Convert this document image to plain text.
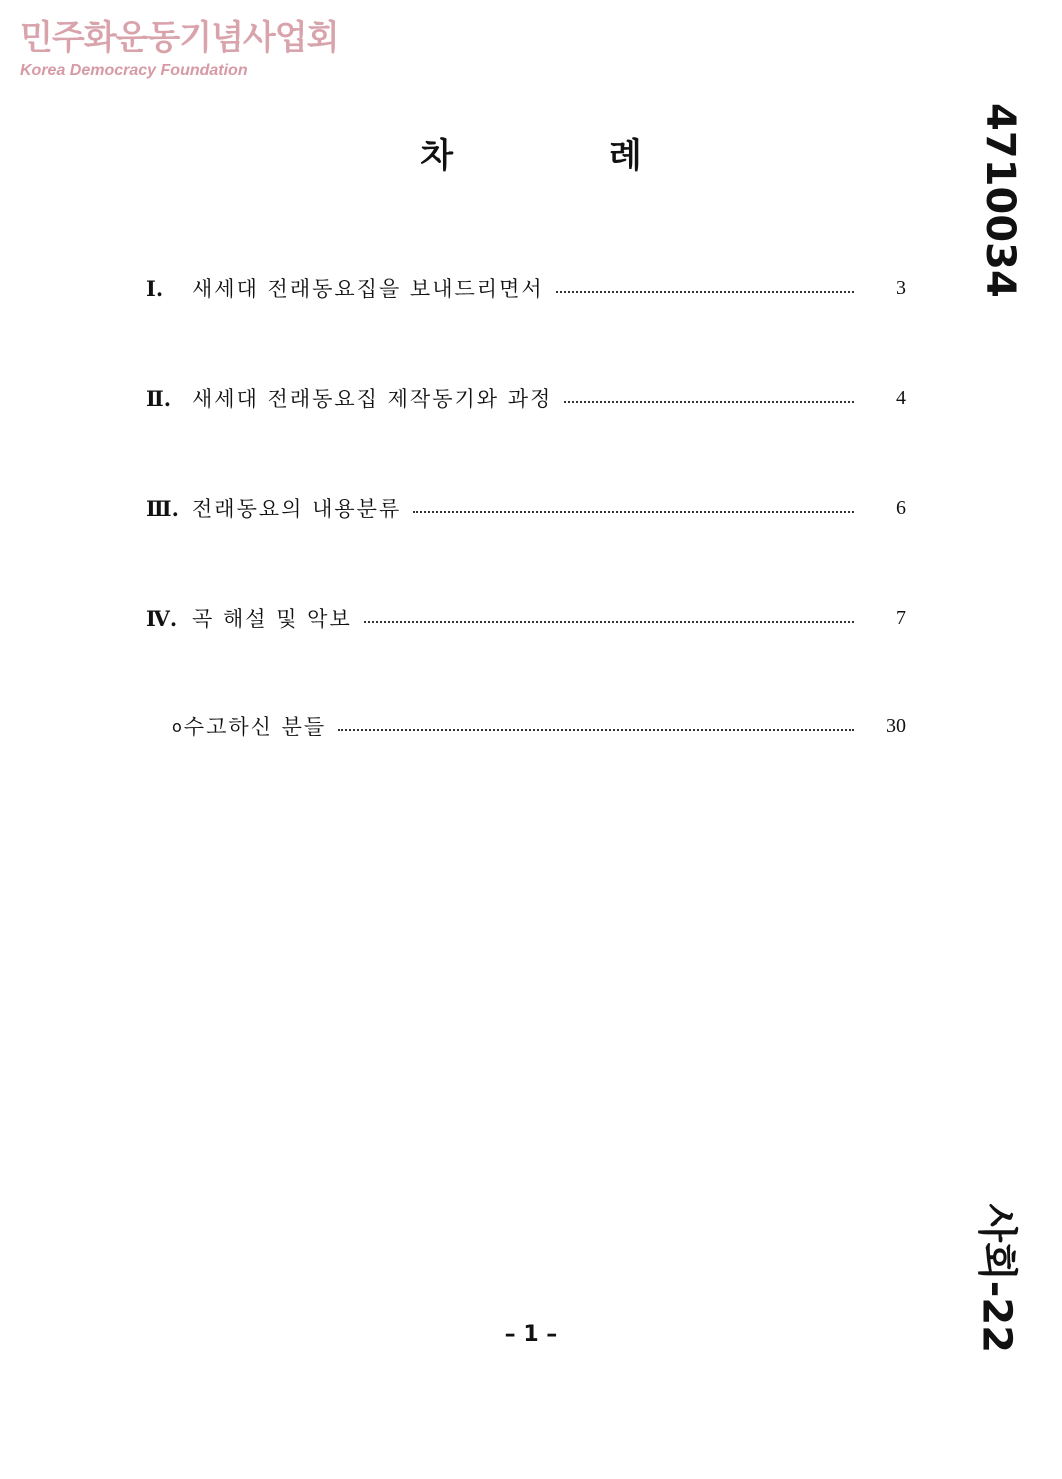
민주화운동기념사업회
Korea Democracy Foundation
차 례
Ⅰ.	새세대 전래동요집을 보내드리면서	3
Ⅱ. 새세대 전래동요집 제작동기와 과정	4
Ⅲ. 전래동요의 내용분류	6
Ⅳ. 곡 해설 및 악보	7
o 수고하신 분들	30
4710034
사회-22
– 1 –
